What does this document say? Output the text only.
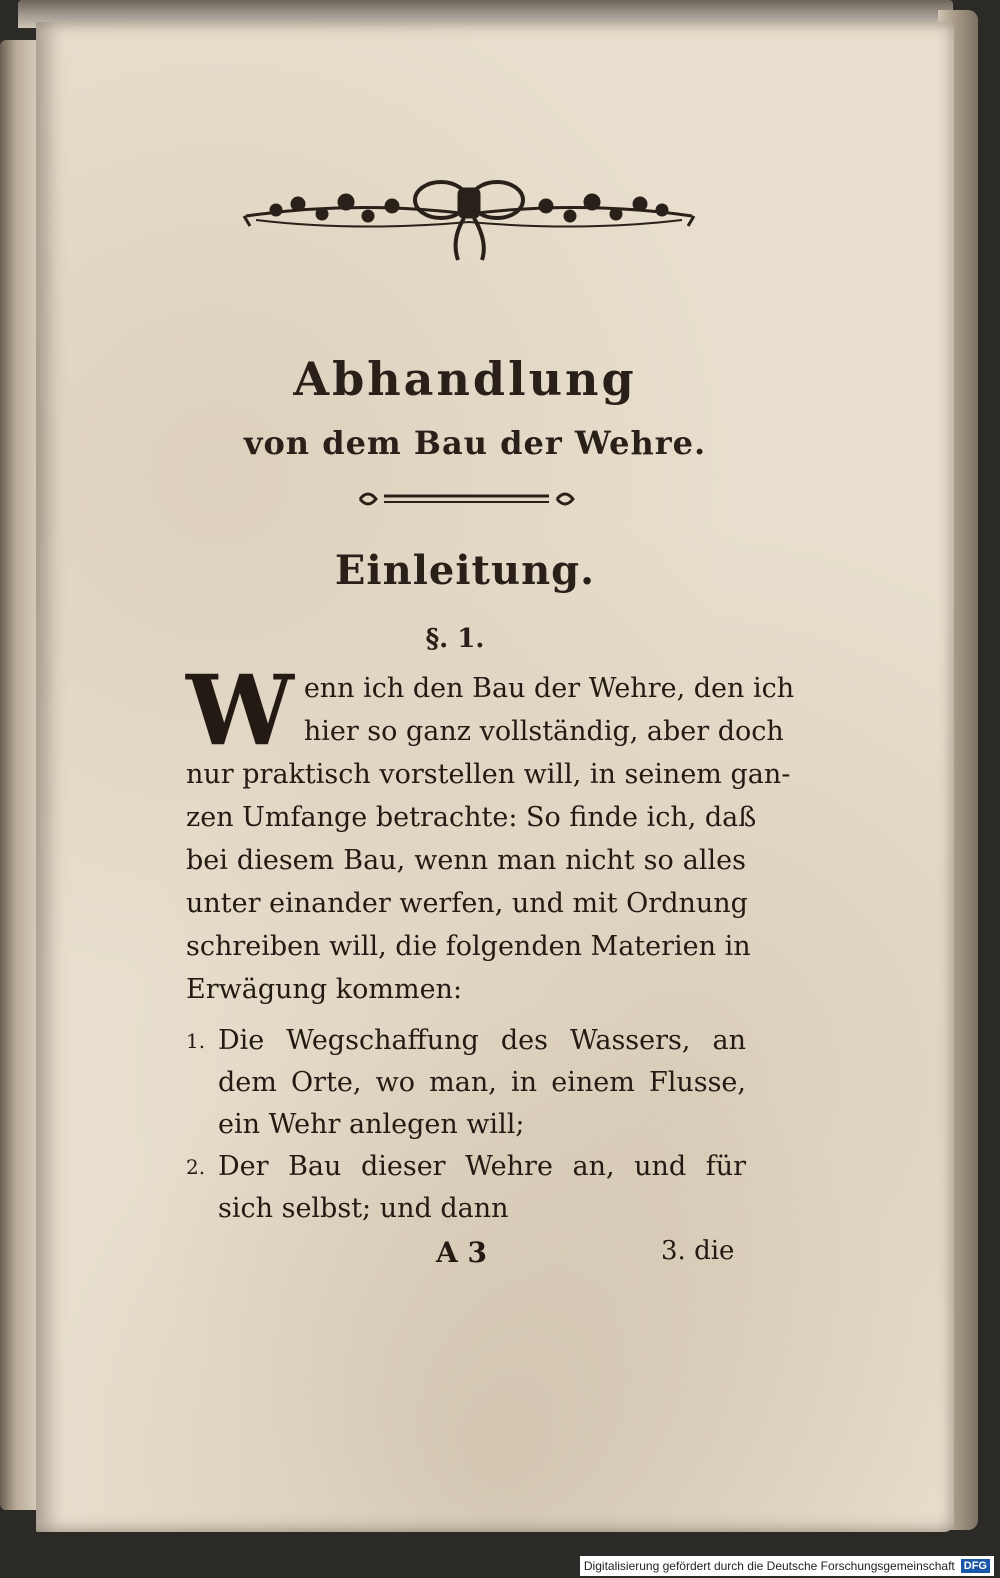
Abhandlung
von dem Bau der Wehre.
Einleitung.
§. 1.
W enn ich den Bau der Wehre, den ich
hier so ganz vollständig, aber doch
nur praktisch vorstellen will, in seinem gan-
zen Umfange betrachte: So finde ich, daß
bei diesem Bau, wenn man nicht so alles
unter einander werfen, und mit Ordnung
schreiben will, die folgenden Materien in
Erwägung kommen:
1. Die Wegschaffung des Wassers, an
dem Orte, wo man, in einem Flusse,
ein Wehr anlegen will;
2. Der Bau dieser Wehre an, und für
sich selbst; und dann
A 3	3. die
Digitalisierung gefördert durch die Deutsche Forschungsgemeinschaft DFG
